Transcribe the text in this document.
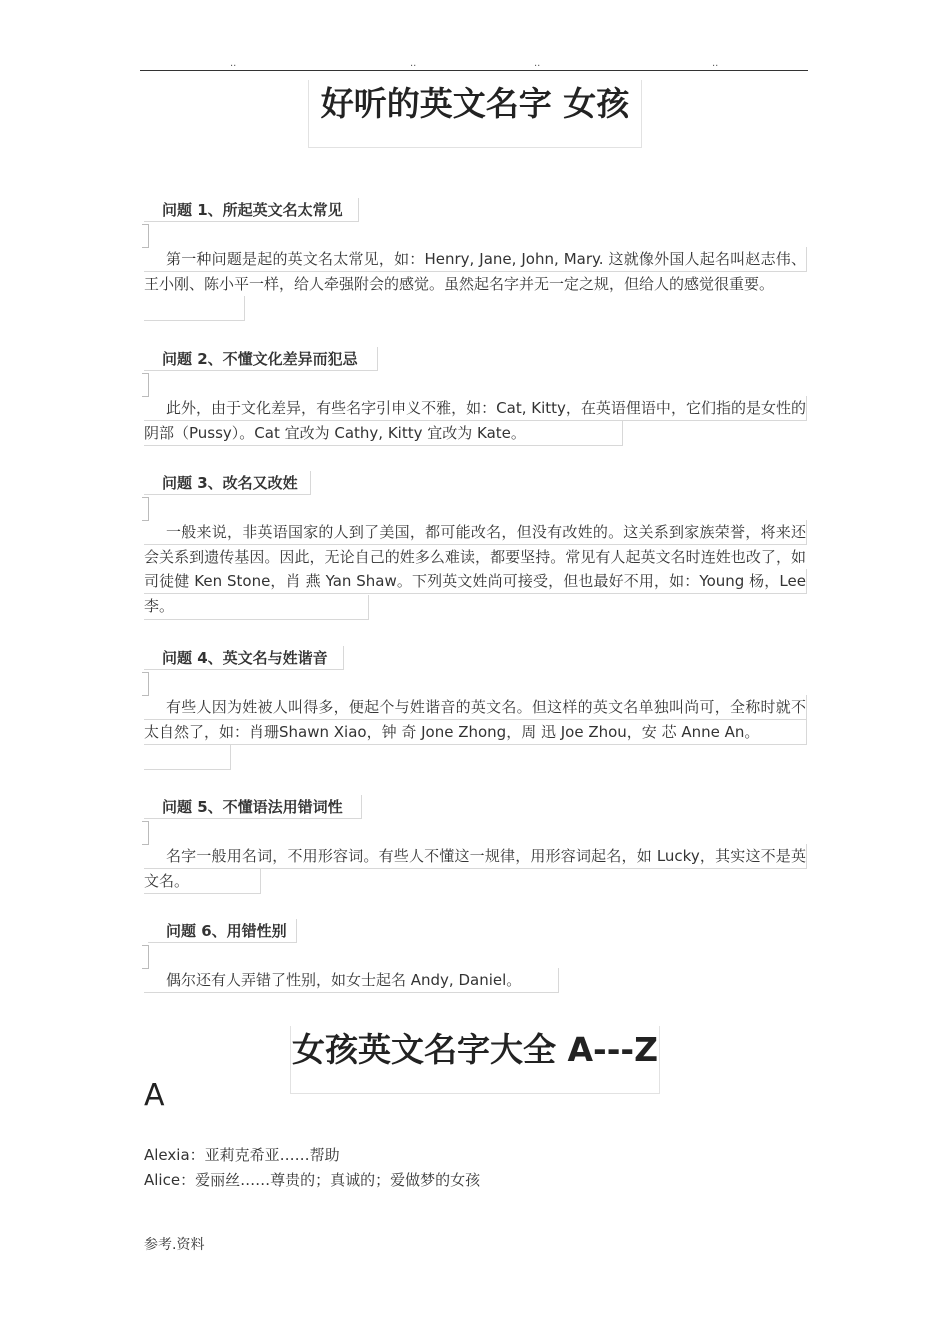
..	..	..	..
好听的英文名字 女孩
问题 1、所起英文名太常见
第一种问题是起的英文名太常见，如：Henry, Jane, John, Mary. 这就像外国人起名叫赵志伟、王小刚、陈小平一样，给人牵强附会的感觉。虽然起名字并无一定之规，但给人的感觉很重要。
问题 2、不懂文化差异而犯忌
此外，由于文化差异，有些名字引申义不雅，如：Cat, Kitty，在英语俚语中，它们指的是女性的阴部（Pussy）。Cat 宜改为 Cathy, Kitty 宜改为 Kate。
问题 3、改名又改姓
一般来说，非英语国家的人到了美国，都可能改名，但没有改姓的。这关系到家族荣誉，将来还会关系到遗传基因。因此，无论自己的姓多么难读，都要坚持。常见有人起英文名时连姓也改了，如司徒健 Ken Stone，肖 燕 Yan Shaw。下列英文姓尚可接受，但也最好不用，如：Young 杨，Lee 李。
问题 4、英文名与姓谐音
有些人因为姓被人叫得多，便起个与姓谐音的英文名。但这样的英文名单独叫尚可，全称时就不太自然了，如：肖珊Shawn Xiao，钟 奇 Jone Zhong，周 迅 Joe Zhou，安 芯 Anne An。
问题 5、不懂语法用错词性
名字一般用名词，不用形容词。有些人不懂这一规律，用形容词起名，如 Lucky，其实这不是英文名。
问题 6、用错性别
偶尔还有人弄错了性别，如女士起名 Andy, Daniel。
女孩英文名字大全 A---Z
A
Alexia：亚莉克希亚……帮助
Alice：爱丽丝……尊贵的；真诚的；爱做梦的女孩
参考.资料
